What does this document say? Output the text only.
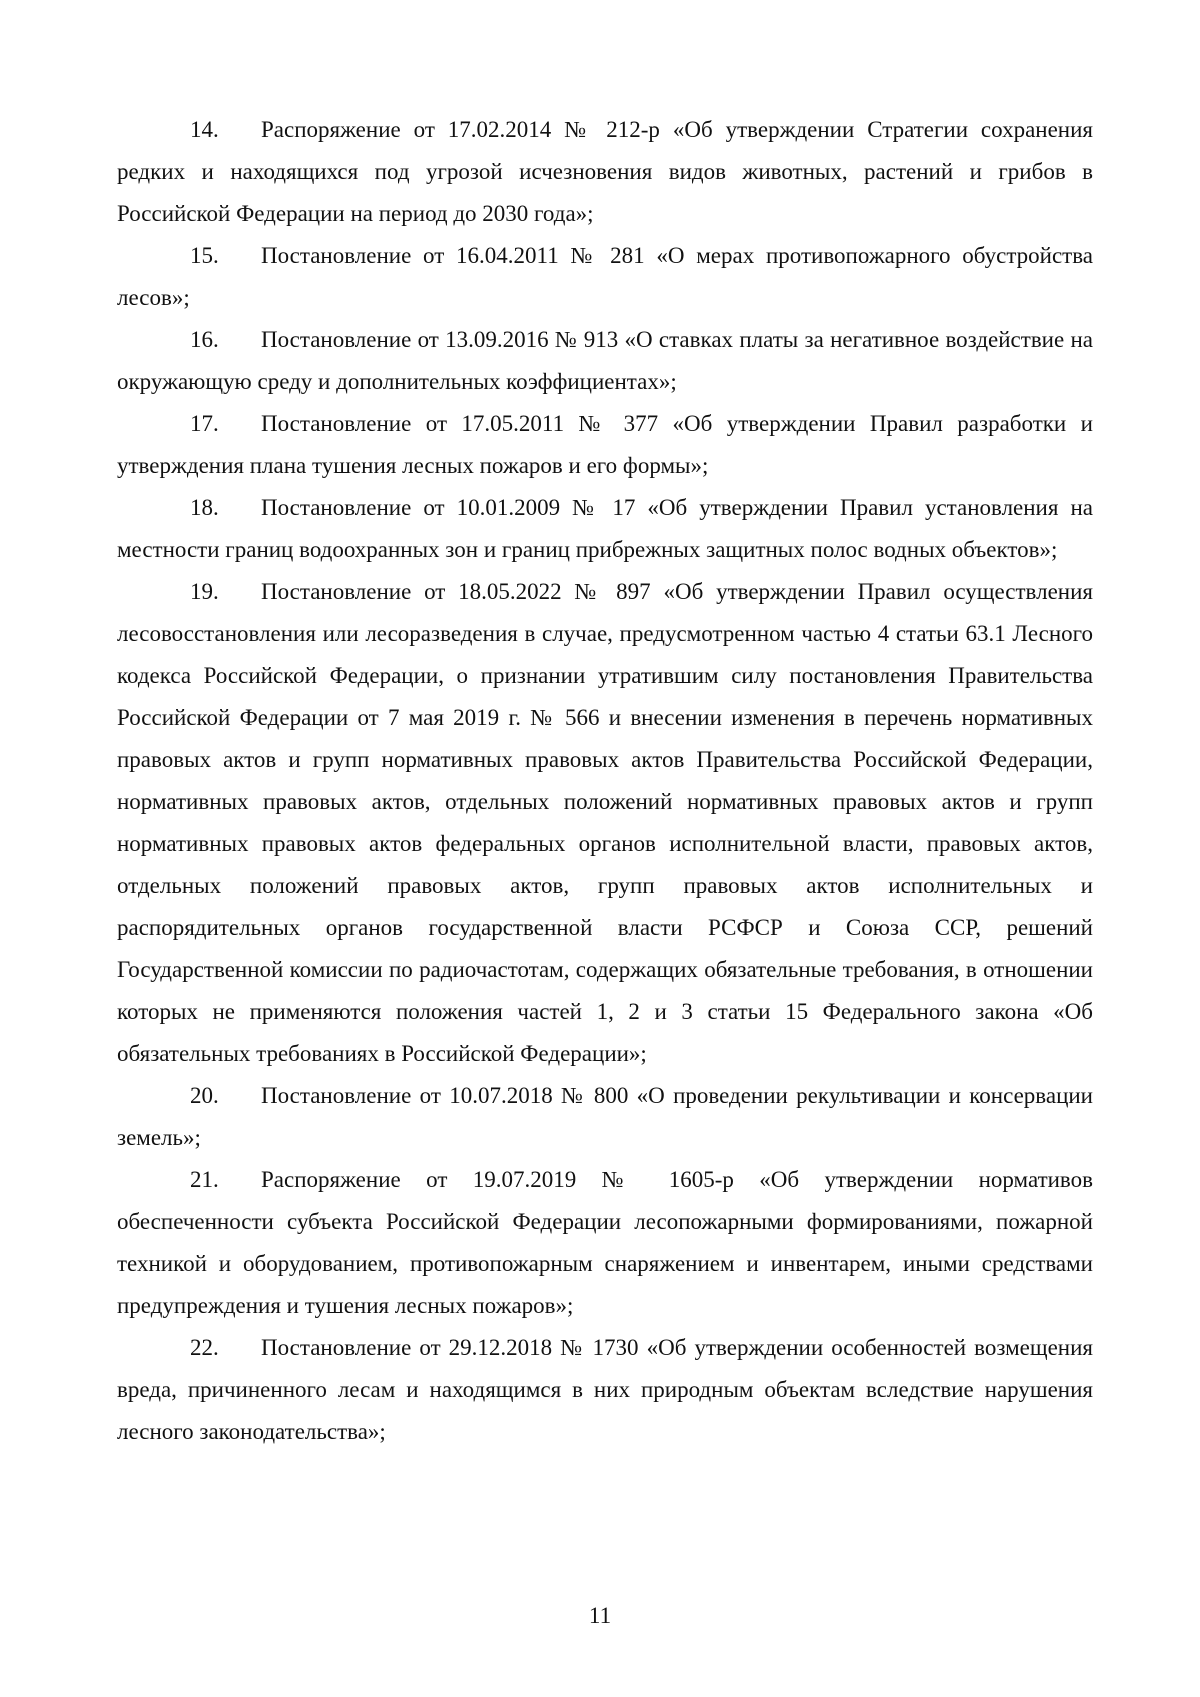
14. Распоряжение от 17.02.2014 № 212-р «Об утверждении Стратегии сохранения редких и находящихся под угрозой исчезновения видов животных, растений и грибов в Российской Федерации на период до 2030 года»;

15. Постановление от 16.04.2011 № 281 «О мерах противопожарного обустройства лесов»;

16. Постановление от 13.09.2016 № 913 «О ставках платы за негативное воздействие на окружающую среду и дополнительных коэффициентах»;

17. Постановление от 17.05.2011 № 377 «Об утверждении Правил разработки и утверждения плана тушения лесных пожаров и его формы»;

18. Постановление от 10.01.2009 № 17 «Об утверждении Правил установления на местности границ водоохранных зон и границ прибрежных защитных полос водных объектов»;

19. Постановление от 18.05.2022 № 897 «Об утверждении Правил осуществления лесовосстановления или лесоразведения в случае, предусмотренном частью 4 статьи 63.1 Лесного кодекса Российской Федерации, о признании утратившим силу постановления Правительства Российской Федерации от 7 мая 2019 г. № 566 и внесении изменения в перечень нормативных правовых актов и групп нормативных правовых актов Правительства Российской Федерации, нормативных правовых актов, отдельных положений нормативных правовых актов и групп нормативных правовых актов федеральных органов исполнительной власти, правовых актов, отдельных положений правовых актов, групп правовых актов исполнительных и распорядительных органов государственной власти РСФСР и Союза ССР, решений Государственной комиссии по радиочастотам, содержащих обязательные требования, в отношении которых не применяются положения частей 1, 2 и 3 статьи 15 Федерального закона «Об обязательных требованиях в Российской Федерации»;

20. Постановление от 10.07.2018 № 800 «О проведении рекультивации и консервации земель»;

21. Распоряжение от 19.07.2019 № 1605-р «Об утверждении нормативов обеспеченности субъекта Российской Федерации лесопожарными формированиями, пожарной техникой и оборудованием, противопожарным снаряжением и инвентарем, иными средствами предупреждения и тушения лесных пожаров»;

22. Постановление от 29.12.2018 № 1730 «Об утверждении особенностей возмещения вреда, причиненного лесам и находящимся в них природным объектам вследствие нарушения лесного законодательства»;

11
